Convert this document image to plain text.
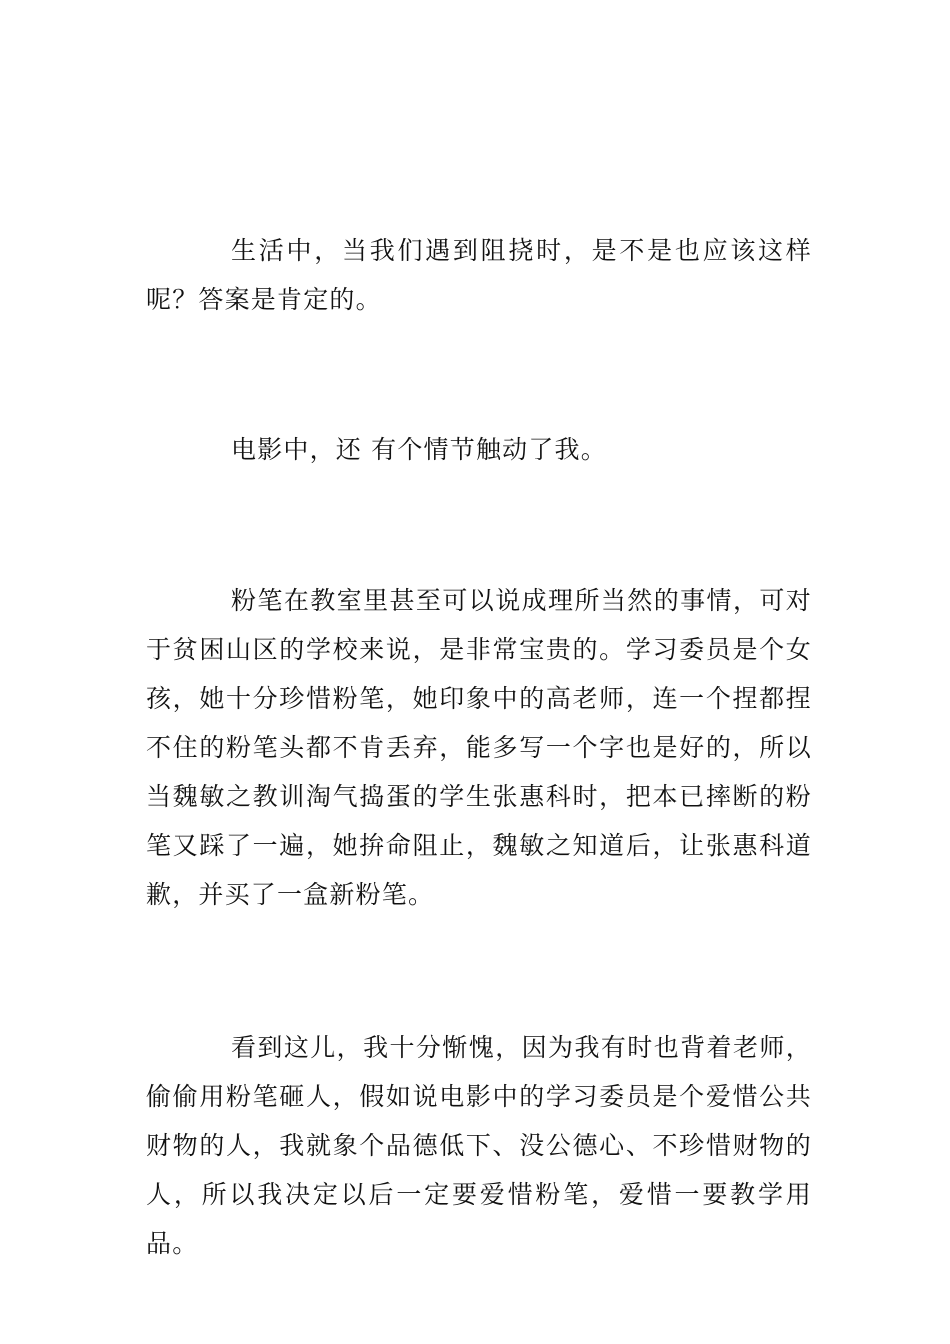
生活中，当我们遇到阻挠时，是不是也应该这样呢？答案是肯定的。

电影中，还 有个情节触动了我。

粉笔在教室里甚至可以说成理所当然的事情，可对于贫困山区的学校来说，是非常宝贵的。学习委员是个女孩，她十分珍惜粉笔，她印象中的高老师，连一个捏都捏不住的粉笔头都不肯丢弃，能多写一个字也是好的，所以当魏敏之教训淘气捣蛋的学生张惠科时，把本已摔断的粉笔又踩了一遍，她拚命阻止，魏敏之知道后，让张惠科道歉，并买了一盒新粉笔。

看到这儿，我十分惭愧，因为我有时也背着老师，偷偷用粉笔砸人，假如说电影中的学习委员是个爱惜公共财物的人，我就象个品德低下、没公德心、不珍惜财物的人，所以我决定以后一定要爱惜粉笔，爱惜一要教学用品。
